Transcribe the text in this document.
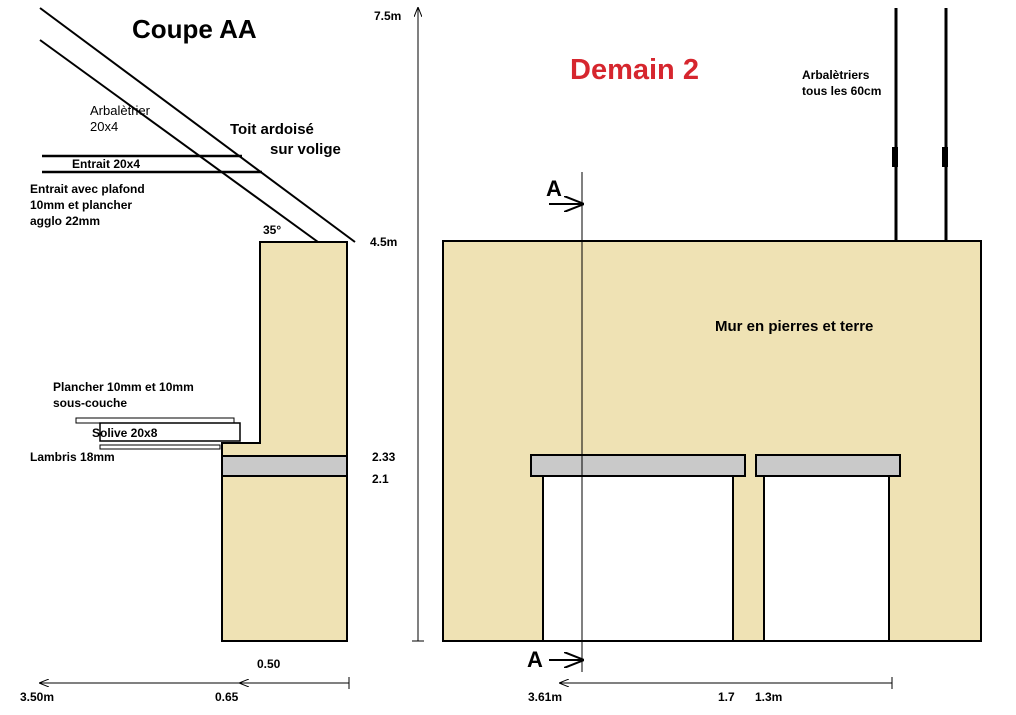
Coupe AA
Arbalètrier 20x4	Toit ardoisé sur volige
Entrait 20x4
Entrait avec plafond 10mm et plancher agglo 22mm
35°
Plancher 10mm et 10mm sous-couche
Solive 20x8
Lambris 18mm
0.50
0.65
3.50m
7.5m
4.5m
2.33
2.1
Demain 2	Arbalètriers tous les 60cm
Mur en pierres et terre
A
A
3.61m	1.7 1.3m
